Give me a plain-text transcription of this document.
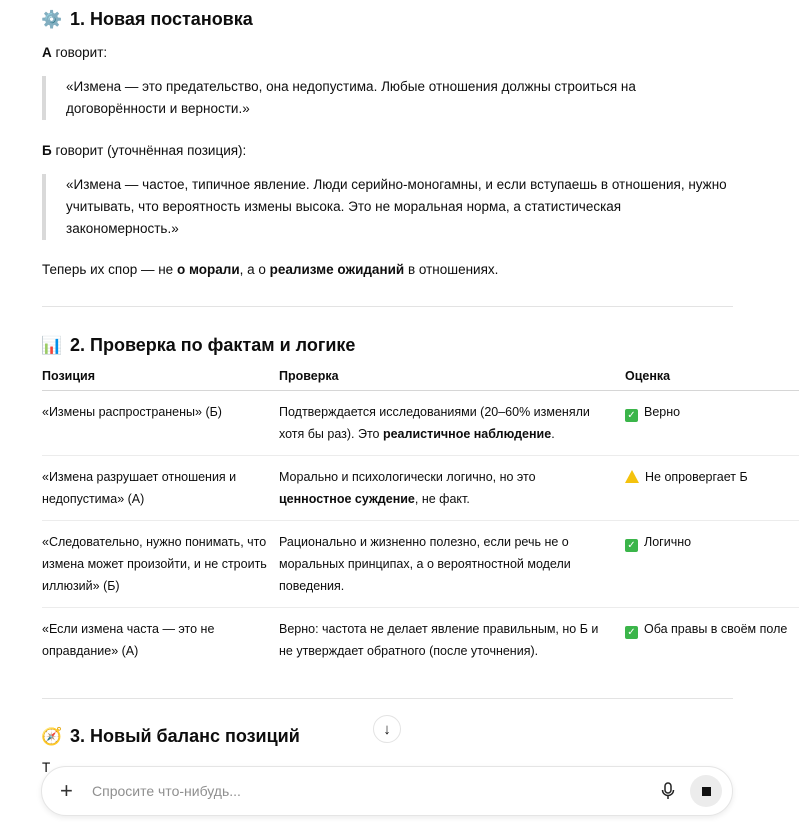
⚙️ 1. Новая постановка

А говорит:

«Измена — это предательство, она недопустима. Любые отношения должны строиться на договорённости и верности.»

Б говорит (уточнённая позиция):

«Измена — частое, типичное явление. Люди серийно-моногамны, и если вступаешь в отношения, нужно учитывать, что вероятность измены высока. Это не моральная норма, а статистическая закономерность.»

Теперь их спор — не о морали, а о реализме ожиданий в отношениях.

📊 2. Проверка по фактам и логике
Позиция	Проверка	Оценка
«Измены распространены» (Б)	Подтверждается исследованиями (20–60% изменяли хотя бы раз). Это реалистичное наблюдение.	✓ Верно
«Измена разрушает отношения и недопустима» (А)	Морально и психологически логично, но это ценностное суждение, не факт.	Не опровергает Б
«Следовательно, нужно понимать, что измена может произойти, и не строить иллюзий» (Б)	Рационально и жизненно полезно, если речь не о моральных принципах, а о вероятностной модели поведения.	✓ Логично
«Если измена часта — это не оправдание» (А)	Верно: частота не делает явление правильным, но Б и не утверждает обратного (после уточнения).	✓ Оба правы в своём поле
🧭 3. Новый баланс позиций

Т

↓
+
Спросите что-нибудь...
